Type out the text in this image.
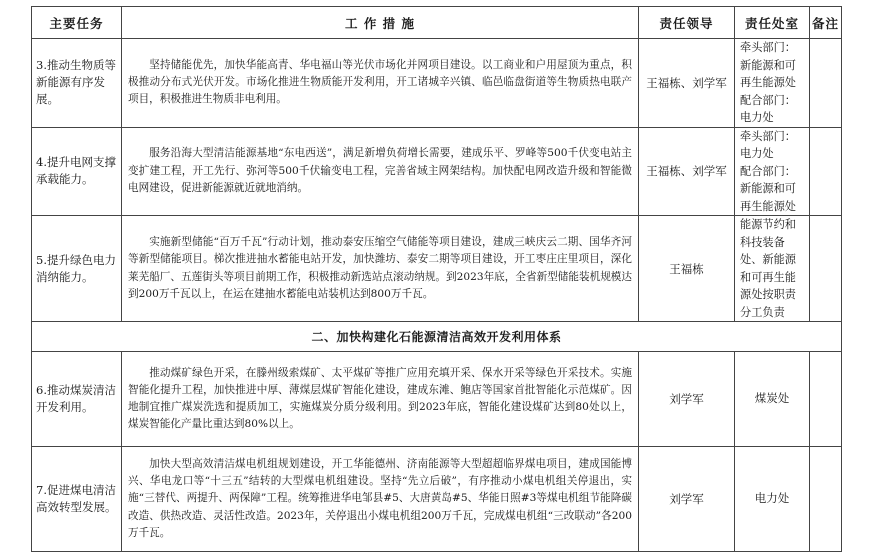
主要任务	工 作 措 施	责任领导	责任处室	备注
3.推动生物质等新能源有序发展。	坚持储能优先，加快华能高青、华电福山等光伏市场化并网项目建设。以工商业和户用屋顶为重点，积极推动分布式光伏开发。市场化推进生物质能开发利用，开工诸城辛兴镇、临邑临盘街道等生物质热电联产项目，积极推进生物质非电利用。	王福栋、刘学军	牵头部门：新能源和可再生能源处
配合部门：电力处	

4.提升电网支撑承载能力。	服务沿海大型清洁能源基地“东电西送”，满足新增负荷增长需要，建成乐平、罗峰等500千伏变电站主变扩建工程，开工先行、弥河等500千伏输变电工程，完善省域主网架结构。加快配电网改造升级和智能微电网建设，促进新能源就近就地消纳。	王福栋、刘学军	牵头部门：电力处
配合部门：新能源和可再生能源处	

5.提升绿色电力消纳能力。	实施新型储能“百万千瓦”行动计划，推动泰安压缩空气储能等项目建设，建成三峡庆云二期、国华齐河等新型储能项目。梯次推进抽水蓄能电站开发，加快潍坊、泰安二期等项目建设，开工枣庄庄里项目，深化莱芜船厂、五莲街头等项目前期工作，积极推动新选站点滚动纳规。到2023年底，全省新型储能装机规模达到200万千瓦以上，在运在建抽水蓄能电站装机达到800万千瓦。	王福栋	能源节约和科技装备处、新能源和可再生能源处按职责分工负责	

二、加快构建化石能源清洁高效开发利用体系				
6.推动煤炭清洁开发利用。	推动煤矿绿色开采，在滕州级索煤矿、太平煤矿等推广应用充填开采、保水开采等绿色开采技术。实施智能化提升工程，加快推进中厚、薄煤层煤矿智能化建设，建成东滩、鲍店等国家首批智能化示范煤矿。因地制宜推广煤炭洗选和提质加工，实施煤炭分质分级利用。到2023年底，智能化建设煤矿达到80处以上，煤炭智能化产量比重达到80%以上。	刘学军	煤炭处	
7.促进煤电清洁高效转型发展。	加快大型高效清洁煤电机组规划建设，开工华能德州、济南能源等大型超超临界煤电项目，建成国能博兴、华电龙口等“十三五”结转的大型煤电机组建设。坚持“先立后破”，有序推动小煤电机组关停退出，实施“三替代、两提升、两保障”工程。统筹推进华电邹县#5、大唐黄岛#5、华能日照#3等煤电机组节能降碳改造、供热改造、灵活性改造。2023年，关停退出小煤电机组200万千瓦，完成煤电机组“三改联动”各200万千瓦。	刘学军	电力处	
